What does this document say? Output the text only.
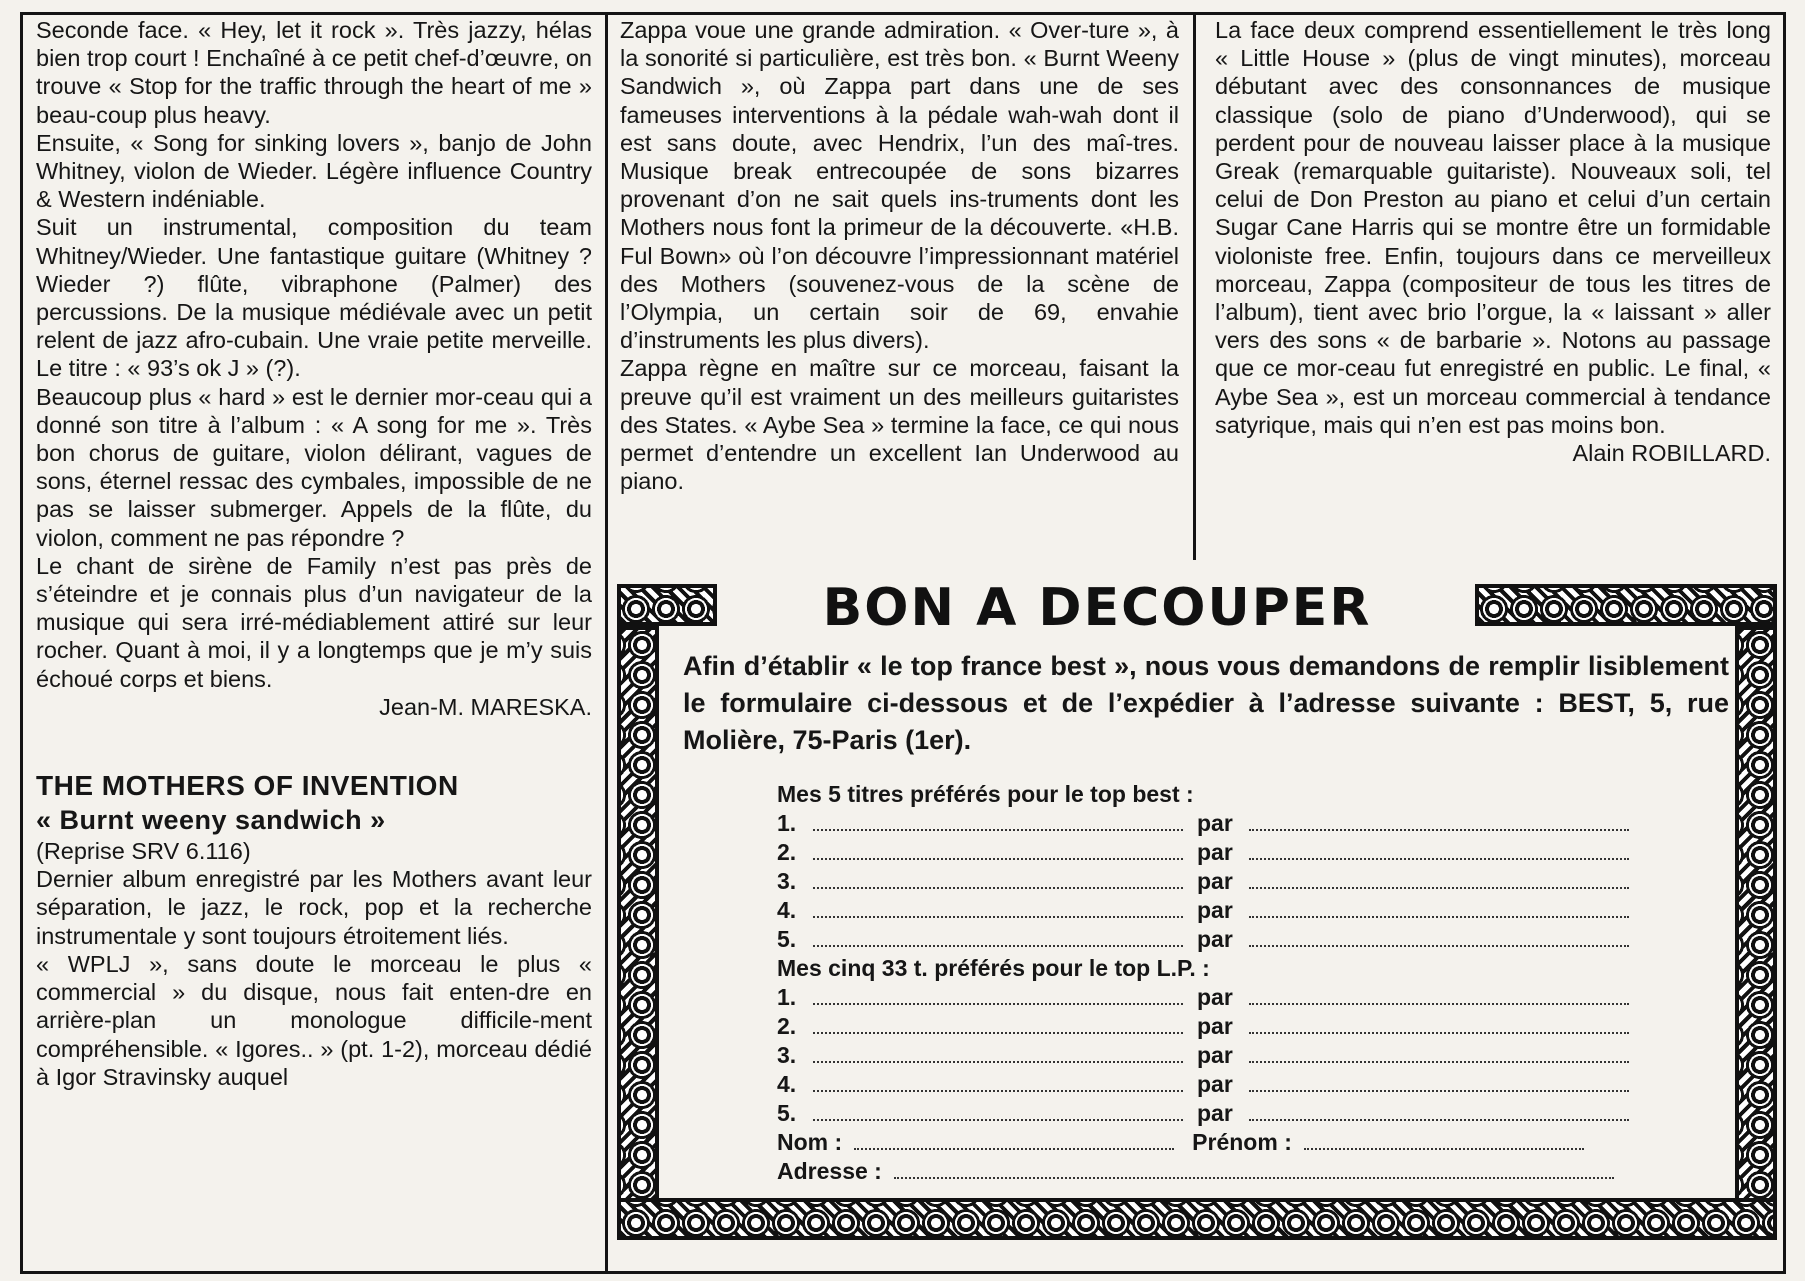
Seconde face. « Hey, let it rock ». Très jazzy, hélas bien trop court ! Enchaîné à ce petit chef-d’œuvre, on trouve « Stop for the traffic through the heart of me » beau-coup plus heavy.

Ensuite, « Song for sinking lovers », banjo de John Whitney, violon de Wieder. Légère influence Country & Western indéniable.

Suit un instrumental, composition du team Whitney/Wieder. Une fantastique guitare (Whitney ? Wieder ?) flûte, vibraphone (Palmer) des percussions. De la musique médiévale avec un petit relent de jazz afro-cubain. Une vraie petite merveille. Le titre : « 93’s ok J » (?).

Beaucoup plus « hard » est le dernier mor-ceau qui a donné son titre à l’album : « A song for me ». Très bon chorus de guitare, violon délirant, vagues de sons, éternel ressac des cymbales, impossible de ne pas se laisser submerger. Appels de la flûte, du violon, comment ne pas répondre ?

Le chant de sirène de Family n’est pas près de s’éteindre et je connais plus d’un navigateur de la musique qui sera irré-médiablement attiré sur leur rocher. Quant à moi, il y a longtemps que je m’y suis échoué corps et biens.

Jean-M. MARESKA.

THE MOTHERS OF INVENTION

« Burnt weeny sandwich »

(Reprise SRV 6.116)

Dernier album enregistré par les Mothers avant leur séparation, le jazz, le rock, pop et la recherche instrumentale y sont toujours étroitement liés.

« WPLJ », sans doute le morceau le plus « commercial » du disque, nous fait enten-dre en arrière-plan un monologue difficile-ment compréhensible. « Igores.. » (pt. 1-2), morceau dédié à Igor Stravinsky auquel

Zappa voue une grande admiration. « Over-ture », à la sonorité si particulière, est très bon. « Burnt Weeny Sandwich », où Zappa part dans une de ses fameuses interventions à la pédale wah-wah dont il est sans doute, avec Hendrix, l’un des maî-tres. Musique break entrecoupée de sons bizarres provenant d’on ne sait quels ins-truments dont les Mothers nous font la primeur de la découverte. «H.B. Ful Bown» où l’on découvre l’impressionnant matériel des Mothers (souvenez-vous de la scène de l’Olympia, un certain soir de 69, envahie d’instruments les plus divers).

Zappa règne en maître sur ce morceau, faisant la preuve qu’il est vraiment un des meilleurs guitaristes des States. « Aybe Sea » termine la face, ce qui nous permet d’entendre un excellent Ian Underwood au piano.

La face deux comprend essentiellement le très long « Little House » (plus de vingt minutes), morceau débutant avec des consonnances de musique classique (solo de piano d’Underwood), qui se perdent pour de nouveau laisser place à la musique Greak (remarquable guitariste). Nouveaux soli, tel celui de Don Preston au piano et celui d’un certain Sugar Cane Harris qui se montre être un formidable violoniste free. Enfin, toujours dans ce merveilleux morceau, Zappa (compositeur de tous les titres de l’album), tient avec brio l’orgue, la « laissant » aller vers des sons « de barbarie ». Notons au passage que ce mor-ceau fut enregistré en public. Le final, « Aybe Sea », est un morceau commercial à tendance satyrique, mais qui n’en est pas moins bon.

Alain ROBILLARD.

BON A DECOUPER

Afin d’établir « le top france best », nous vous demandons de remplir lisiblement le formulaire ci-dessous et de l’expédier à l’adresse suivante : BEST, 5, rue Molière, 75-Paris (1er).

Mes 5 titres préférés pour le top best :

1.	par
2.	par
3.	par
4.	par
5.	par

Mes cinq 33 t. préférés pour le top L.P. :

1.	par
2.	par
3.	par
4.	par
5.	par
Nom :	Prénom :
Adresse :
